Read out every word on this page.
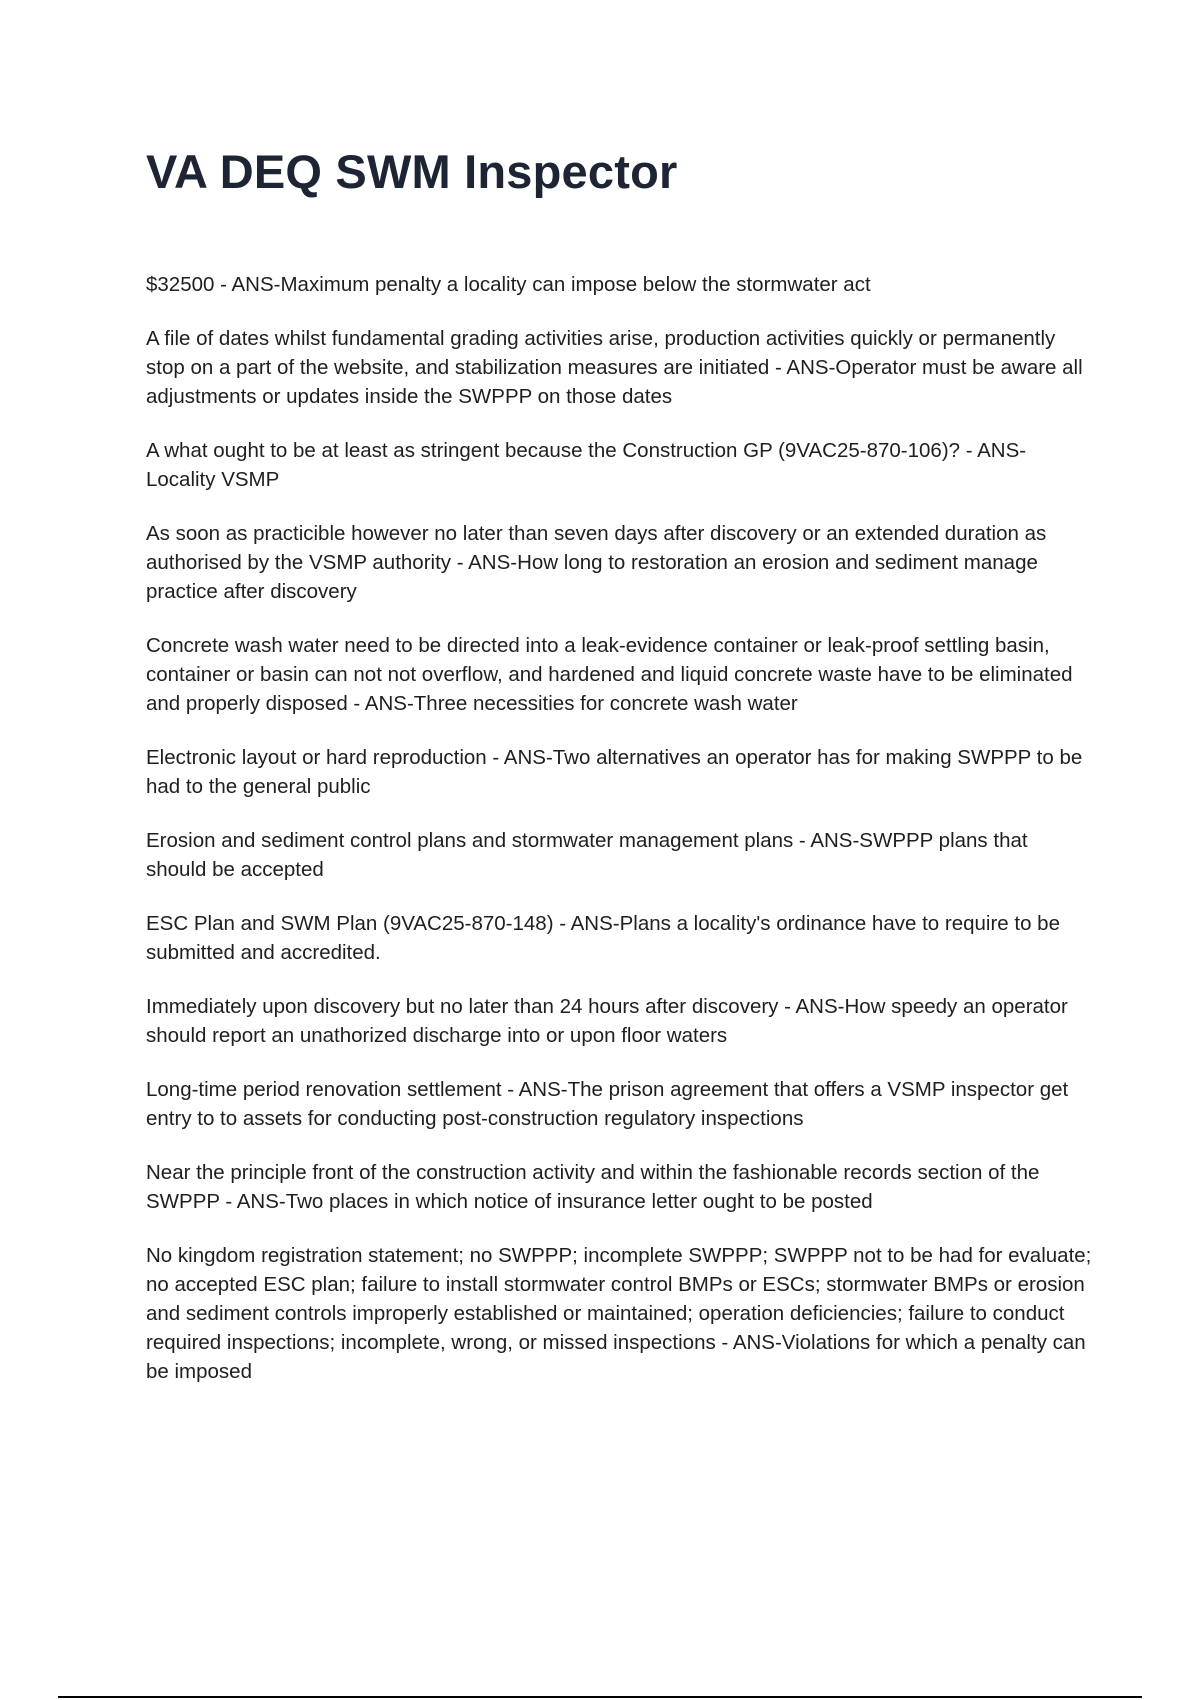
VA DEQ SWM Inspector

$32500 - ANS-Maximum penalty a locality can impose below the stormwater act

A file of dates whilst fundamental grading activities arise, production activities quickly or permanently stop on a part of the website, and stabilization measures are initiated - ANS-Operator must be aware all adjustments or updates inside the SWPPP on those dates

A what ought to be at least as stringent because the Construction GP (9VAC25-870-106)? - ANS-Locality VSMP

As soon as practicible however no later than seven days after discovery or an extended duration as authorised by the VSMP authority - ANS-How long to restoration an erosion and sediment manage practice after discovery

Concrete wash water need to be directed into a leak-evidence container or leak-proof settling basin, container or basin can not not overflow, and hardened and liquid concrete waste have to be eliminated and properly disposed - ANS-Three necessities for concrete wash water

Electronic layout or hard reproduction - ANS-Two alternatives an operator has for making SWPPP to be had to the general public

Erosion and sediment control plans and stormwater management plans - ANS-SWPPP plans that should be accepted

ESC Plan and SWM Plan (9VAC25-870-148) - ANS-Plans a locality's ordinance have to require to be submitted and accredited.

Immediately upon discovery but no later than 24 hours after discovery - ANS-How speedy an operator should report an unathorized discharge into or upon floor waters

Long-time period renovation settlement - ANS-The prison agreement that offers a VSMP inspector get entry to to assets for conducting post-construction regulatory inspections

Near the principle front of the construction activity and within the fashionable records section of the SWPPP - ANS-Two places in which notice of insurance letter ought to be posted

No kingdom registration statement; no SWPPP; incomplete SWPPP; SWPPP not to be had for evaluate; no accepted ESC plan; failure to install stormwater control BMPs or ESCs; stormwater BMPs or erosion and sediment controls improperly established or maintained; operation deficiencies; failure to conduct required inspections; incomplete, wrong, or missed inspections - ANS-Violations for which a penalty can be imposed
